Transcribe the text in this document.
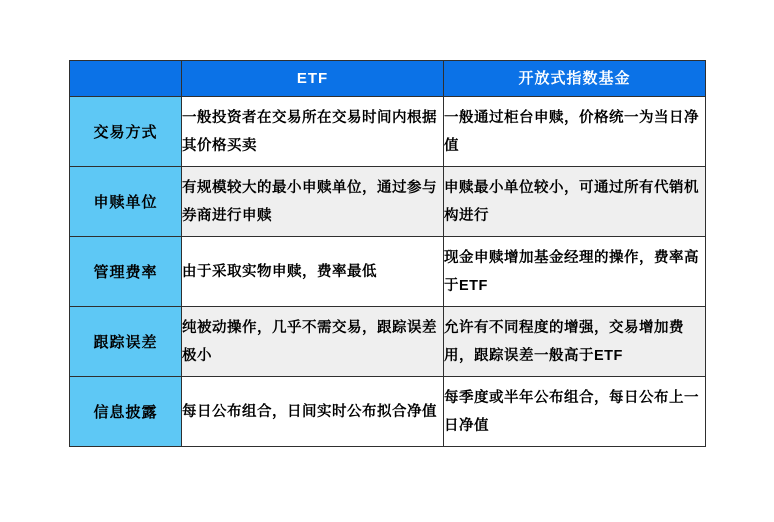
	ETF	开放式指数基金
交易方式	一般投资者在交易所在交易时间内根据其价格买卖	一般通过柜台申赎，价格统一为当日净值
申赎单位	有规模较大的最小申赎单位，通过参与券商进行申赎	申赎最小单位较小，可通过所有代销机构进行
管理费率	由于采取实物申赎，费率最低	现金申赎增加基金经理的操作，费率高于ETF
跟踪误差	纯被动操作，几乎不需交易，跟踪误差极小	允许有不同程度的增强，交易增加费用，跟踪误差一般高于ETF
信息披露	每日公布组合，日间实时公布拟合净值	每季度或半年公布组合，每日公布上一日净值
